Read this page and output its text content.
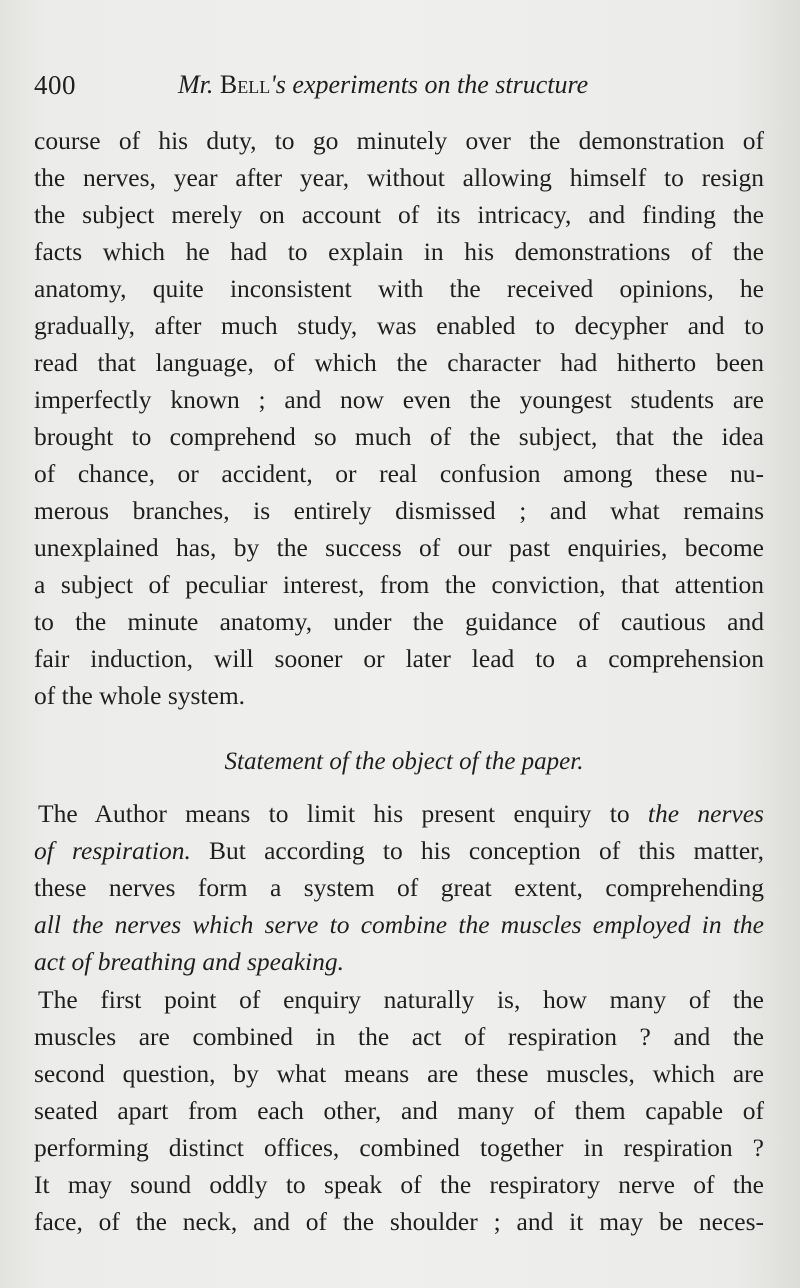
400	Mr. Bell's experiments on the structure
course of his duty, to go minutely over the demonstration of
the nerves, year after year, without allowing himself to resign
the subject merely on account of its intricacy, and finding the
facts which he had to explain in his demonstrations of the
anatomy, quite inconsistent with the received opinions, he
gradually, after much study, was enabled to decypher and to
read that language, of which the character had hitherto been
imperfectly known ; and now even the youngest students are
brought to comprehend so much of the subject, that the idea
of chance, or accident, or real confusion among these nu-
merous branches, is entirely dismissed ; and what remains
unexplained has, by the success of our past enquiries, become
a subject of peculiar interest, from the conviction, that attention
to the minute anatomy, under the guidance of cautious and
fair induction, will sooner or later lead to a comprehension
of the whole system.
Statement of the object of the paper.
The Author means to limit his present enquiry to the nerves
of respiration. But according to his conception of this matter,
these nerves form a system of great extent, comprehending
all the nerves which serve to combine the muscles employed in the
act of breathing and speaking.
The first point of enquiry naturally is, how many of the
muscles are combined in the act of respiration ? and the
second question, by what means are these muscles, which are
seated apart from each other, and many of them capable of
performing distinct offices, combined together in respiration ?
It may sound oddly to speak of the respiratory nerve of the
face, of the neck, and of the shoulder ; and it may be neces-
